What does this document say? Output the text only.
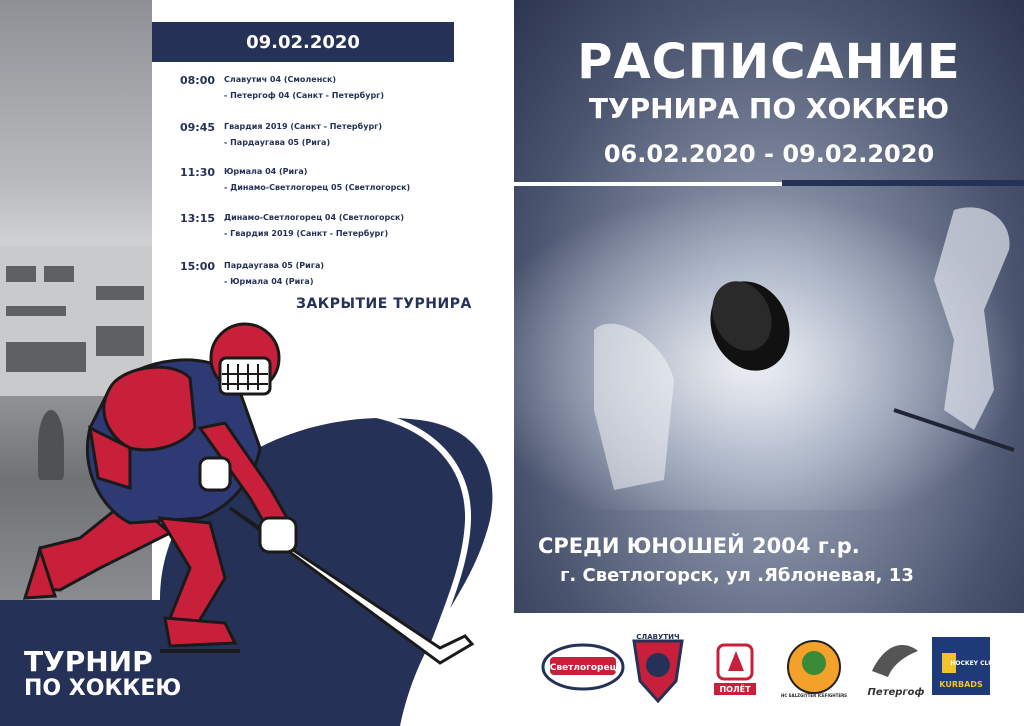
09.02.2020
08:00 Славутич 04 (Смоленск)
- Петергоф 04 (Санкт - Петербург)
09:45 Гвардия 2019 (Санкт - Петербург)
- Пардаугава 05 (Рига)
11:30 Юрмала 04 (Рига)
- Динамо-Светлогорец 05 (Светлогорск)
13:15 Динамо-Светлогорец 04 (Светлогорск)
- Гвардия 2019 (Санкт - Петербург)
15:00 Пардаугава 05 (Рига)
- Юрмала 04 (Рига)
ЗАКРЫТИЕ ТУРНИРА
ТУРНИР
ПО ХОККЕЮ
РАСПИСАНИЕ
ТУРНИРА ПО ХОККЕЮ
06.02.2020 - 09.02.2020
СРЕДИ ЮНОШЕЙ 2004 г.р.
г. Светлогорск, ул .Яблоневая, 13
Светлогорец
СЛАВУТИЧ
ПОЛЁТ
HC SALZGITTER ICEFIGHTERS Петергоф
HOCKEY CLUB
KURBADS
